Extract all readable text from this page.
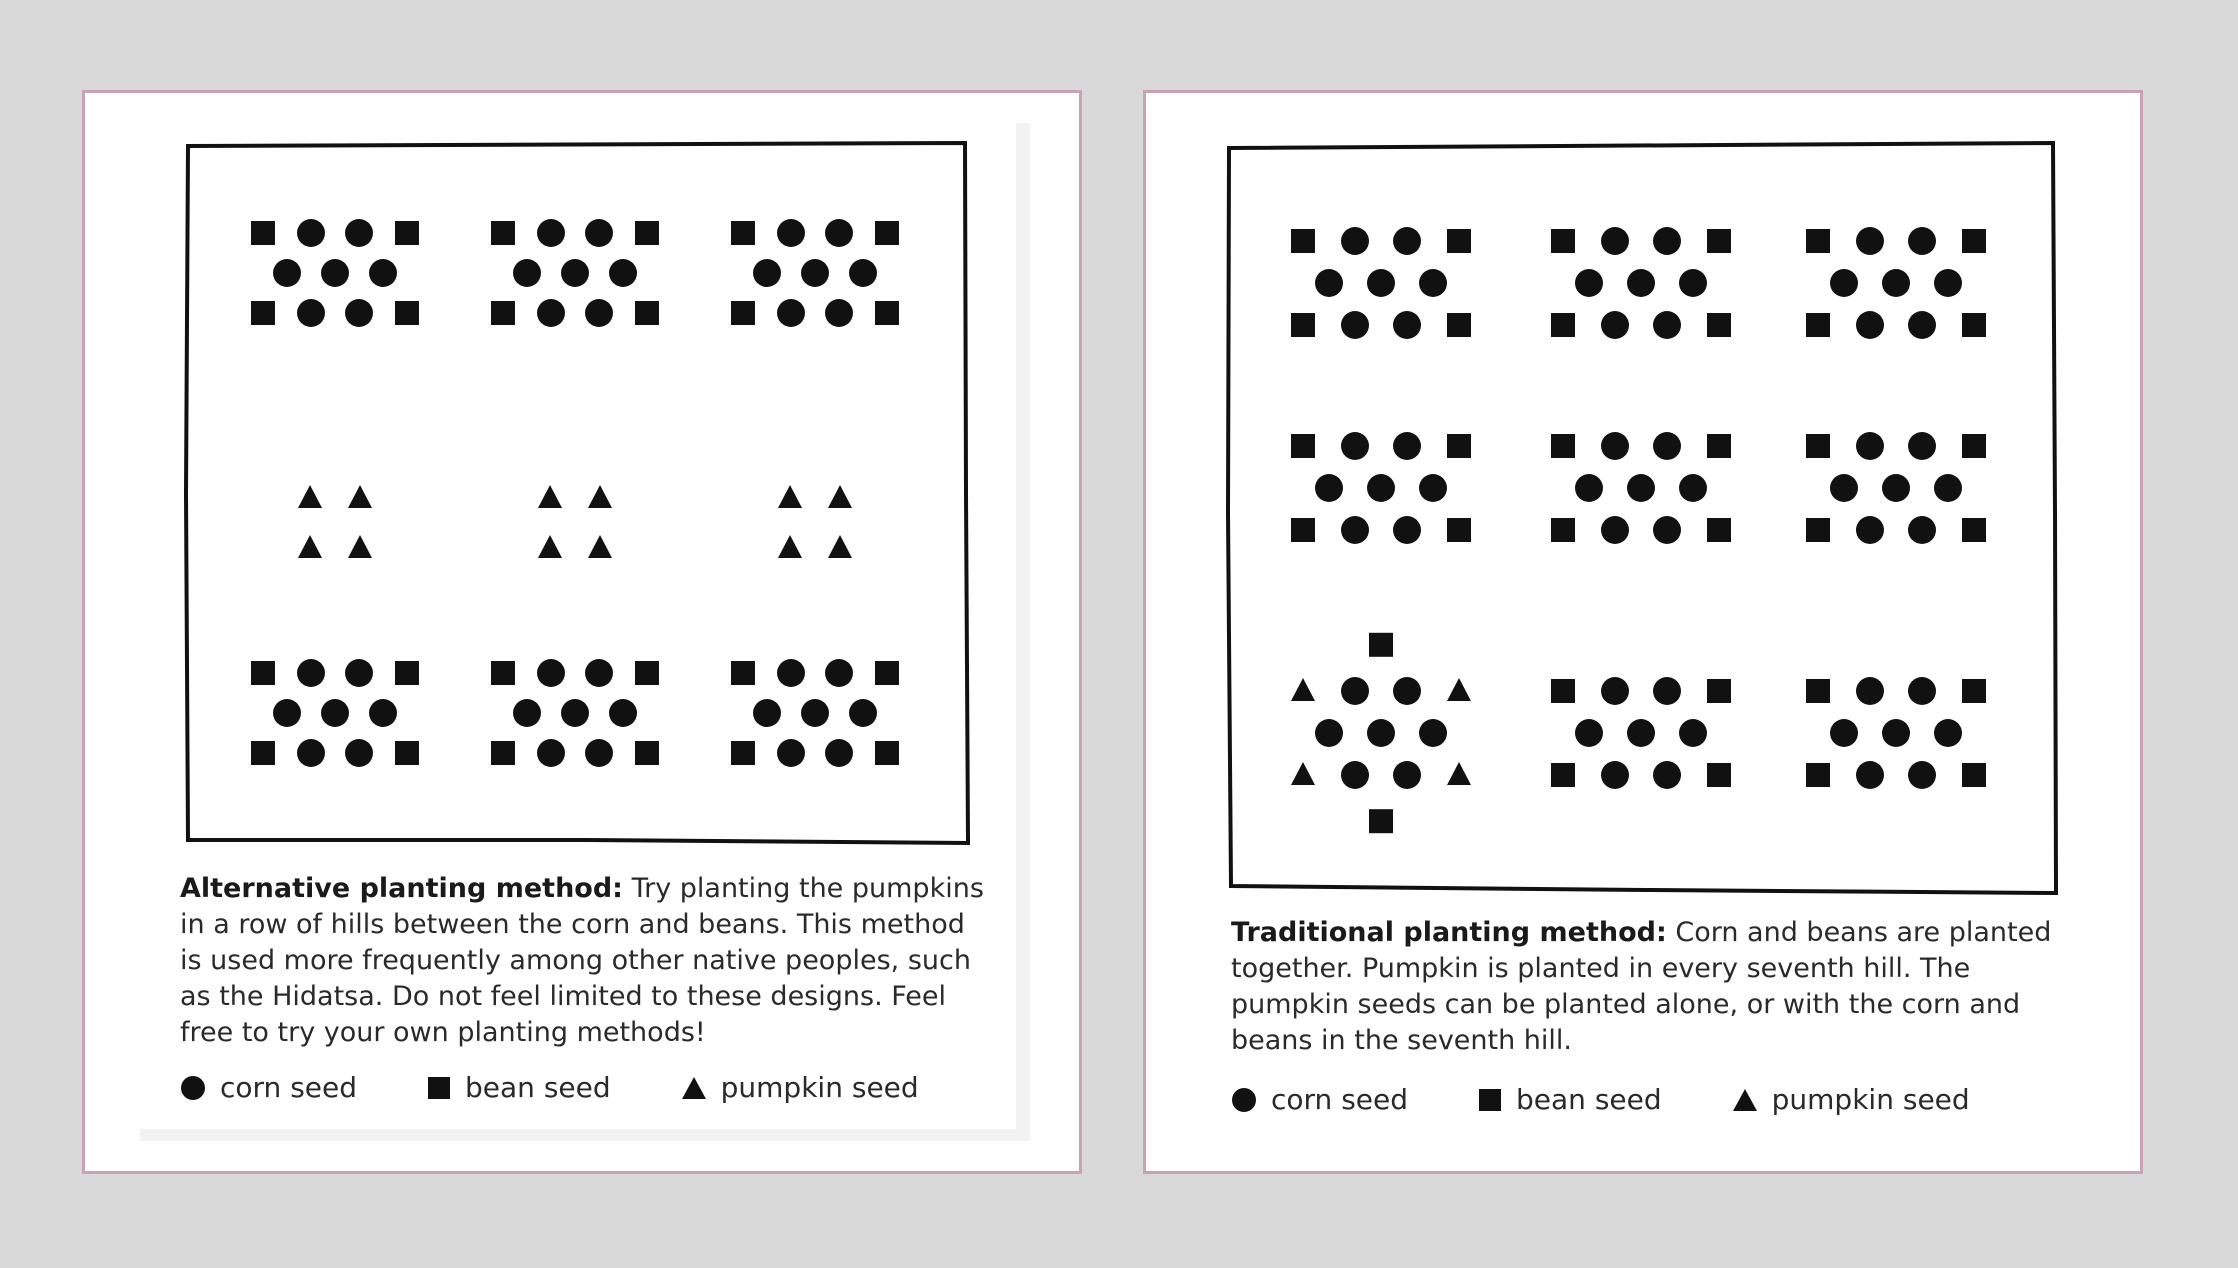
Alternative planting method: Try planting the pumpkins in a row of hills between the corn and beans. This method is used more frequently among other native peoples, such as the Hidatsa. Do not feel limited to these designs. Feel free to try your own planting methods!

corn seed	bean seed	pumpkin seed

Traditional planting method: Corn and beans are planted together. Pumpkin is planted in every seventh hill. The pumpkin seeds can be planted alone, or with the corn and beans in the seventh hill.

corn seed	bean seed	pumpkin seed
